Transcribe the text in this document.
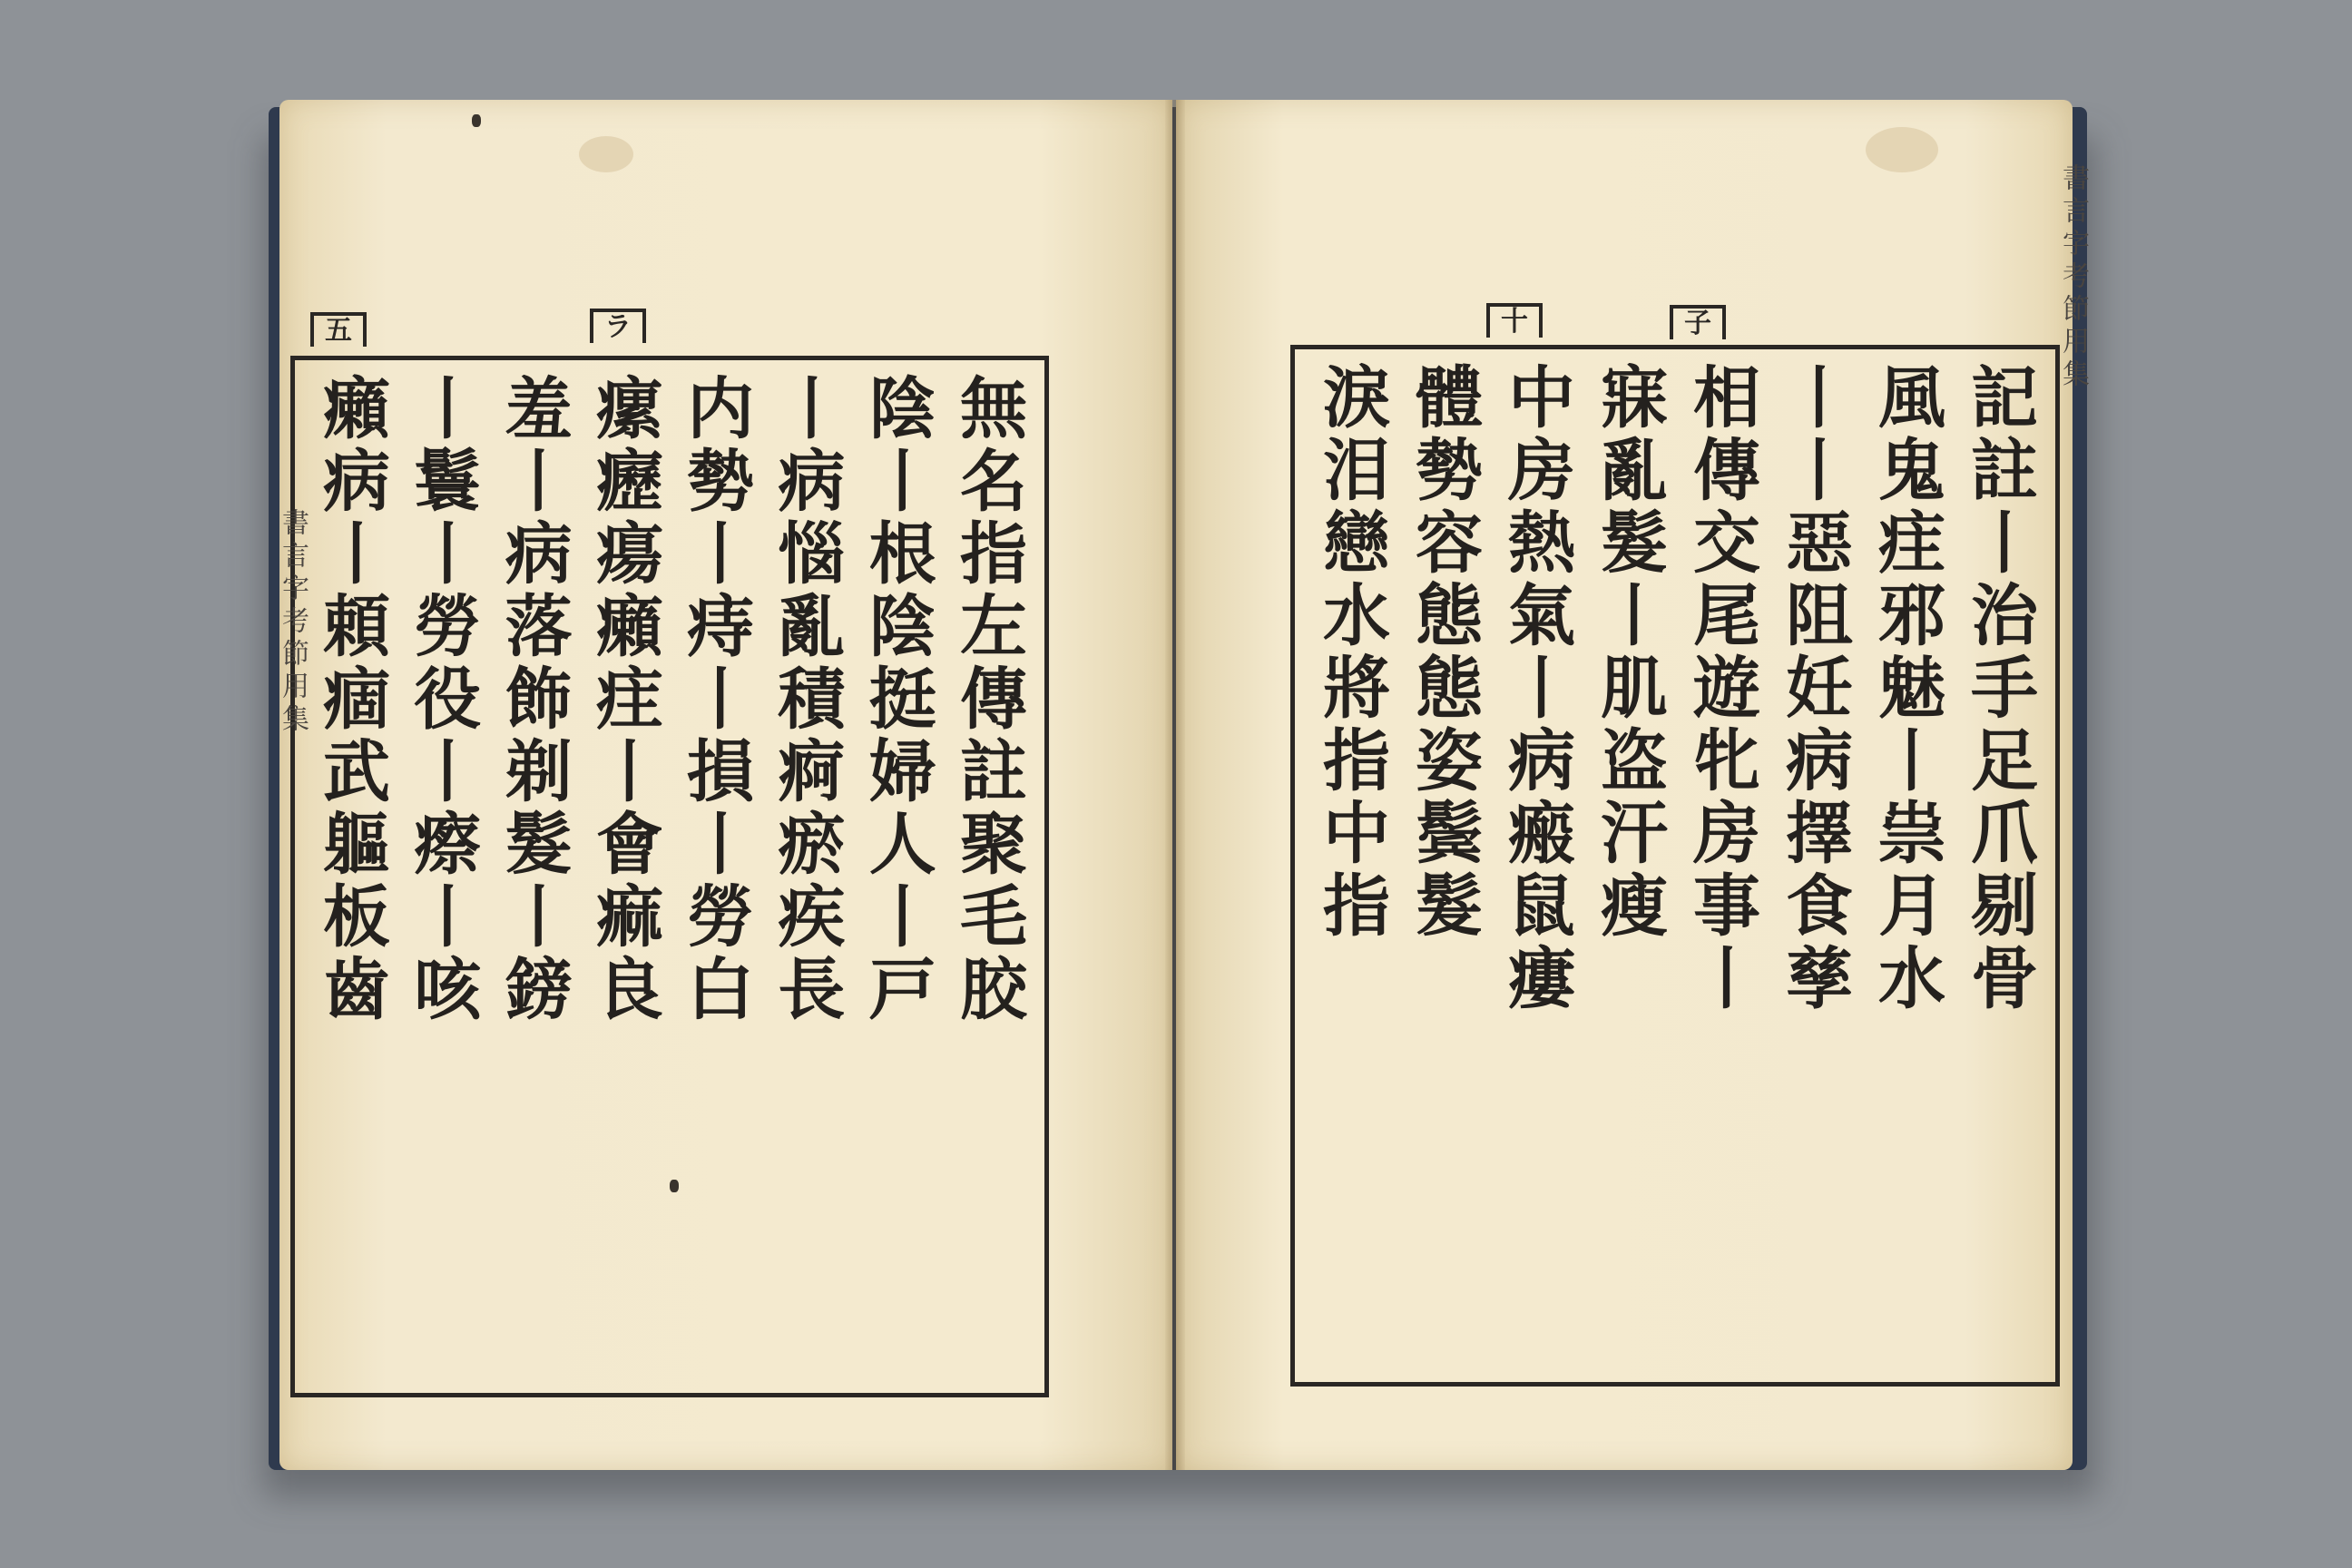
五	ラ
無名指左傳註聚毛胶
陰丨根陰挺婦人丨戸
丨病惱亂積痾瘀疾長
内勢丨痔丨損丨勞白
瘰癧瘍癩疰丨會痲良
羞丨病落飾剃髮丨鎊
丨鬟丨勞役丨瘵丨咳
癩病丨頼痼武軀板齒
書言字考節用集
十	子
記註丨治手足爪剔骨
風鬼疰邪魅丨祟月水
丨丨惡阻妊病擇食孳
相傳交尾遊牝房事丨
寐亂髮丨肌盗汗瘦
中房熱氣丨病瘢鼠瘻
體勢容態態姿鬓髮
淚泪戀水將指中指
書言字考節用集
